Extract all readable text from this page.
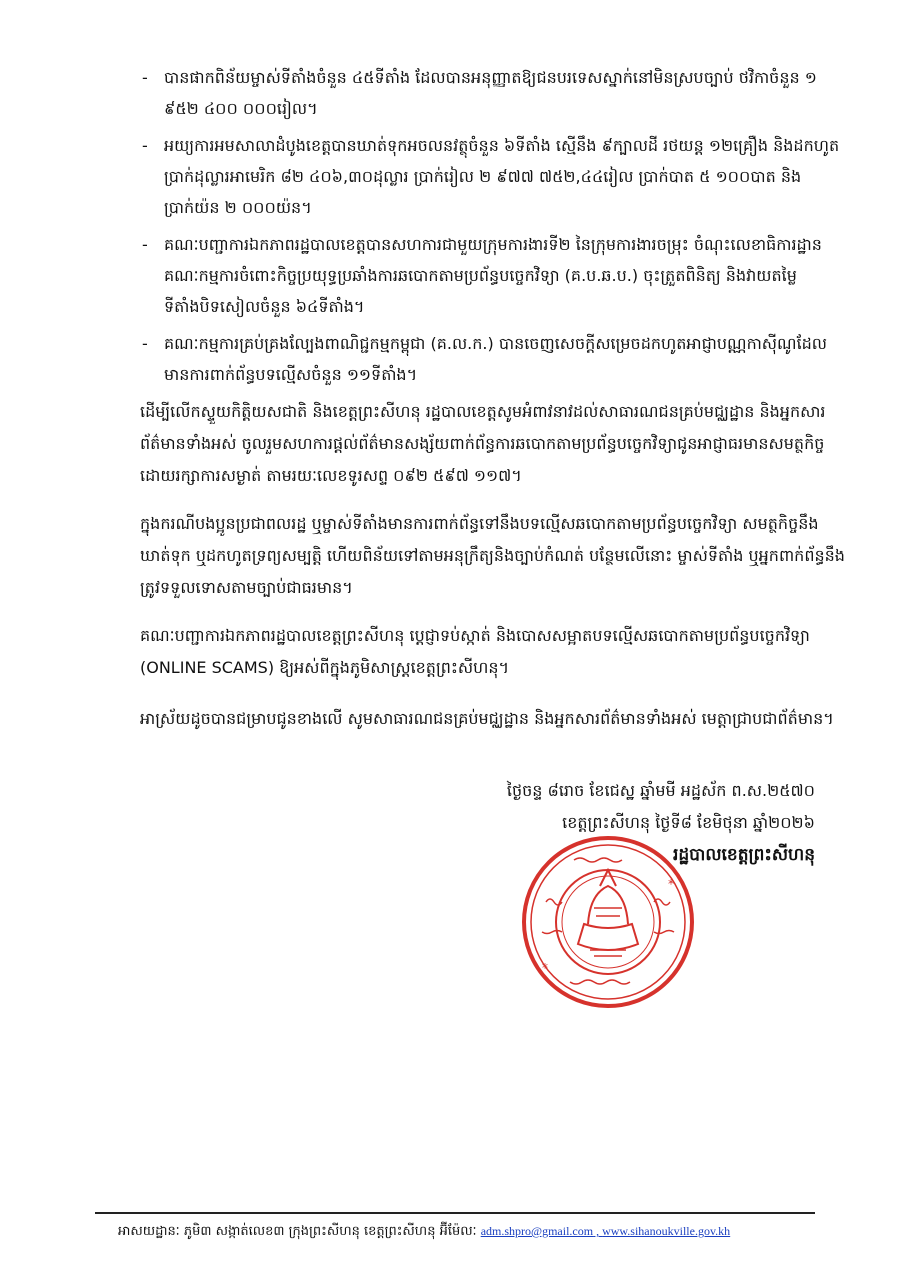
- បានផាកពិន័យម្ចាស់ទីតាំងចំនួន ៤៥ទីតាំង ដែលបានអនុញ្ញាតឱ្យជនបរទេសស្នាក់នៅមិនស្របច្បាប់ ថវិកាចំនួន ១ ៩៥២ ៤០០ ០០០រៀល។
- អយ្យការអមសាលាដំបូងខេត្តបានឃាត់ទុកអចលនវត្ថុចំនួន ៦ទីតាំង ស្មើនឹង ៩ក្បាលដី រថយន្ត ១២គ្រឿង និងដកហូតប្រាក់ដុល្លារអាមេរិក ៨២ ៤០៦,៣០ដុល្លារ ប្រាក់រៀល ២ ៩៧៧ ៧៥២,៤៤រៀល ប្រាក់បាត ៥ ១០០បាត និងប្រាក់យ៉ន ២ ០០០យ៉ន។
- គណៈបញ្ជាការឯកភាពរដ្ឋបាលខេត្តបានសហការជាមួយក្រុមការងារទី២ នៃក្រុមការងារចម្រុះ ចំណុះលេខាធិការដ្ឋានគណៈកម្មការចំពោះកិច្ចប្រយុទ្ធប្រឆាំងការឆបោកតាមប្រព័ន្ធបច្ចេកវិទ្យា (គ.ប.ឆ.ប.) ចុះត្រួតពិនិត្យ និងវាយតម្លៃទីតាំងបិទសៀលចំនួន ៦៤ទីតាំង។
- គណៈកម្មការគ្រប់គ្រងល្បែងពាណិជ្ជកម្មកម្ពុជា (គ.ល.ក.) បានចេញសេចក្តីសម្រេចដកហូតអាជ្ញាបណ្ណកាស៊ីណូដែលមានការពាក់ព័ន្ធបទល្មើសចំនួន ១១ទីតាំង។

ដើម្បីលើកស្ទួយកិត្តិយសជាតិ និងខេត្តព្រះសីហនុ រដ្ឋបាលខេត្តសូមអំពាវនាវដល់សាធារណជនគ្រប់មជ្ឈដ្ឋាន និងអ្នកសារព័ត៌មានទាំងអស់ ចូលរួមសហការផ្តល់ព័ត៌មានសង្ស័យពាក់ព័ន្ធការឆបោកតាមប្រព័ន្ធបច្ចេកវិទ្យាជូនអាជ្ញាធរមានសមត្ថកិច្ចដោយរក្សាការសម្ងាត់ តាមរយៈលេខទូរសព្ទ ០៩២ ៥៩៧ ១១៧។

ក្នុងករណីបងប្អូនប្រជាពលរដ្ឋ ឬម្ចាស់ទីតាំងមានការពាក់ព័ន្ធទៅនឹងបទល្មើសឆបោកតាមប្រព័ន្ធបច្ចេកវិទ្យា សមត្ថកិច្ចនឹងឃាត់ទុក ឬដកហូតទ្រព្យសម្បត្តិ ហើយពិន័យទៅតាមអនុក្រឹត្យនិងច្បាប់កំណត់ បន្ថែមលើនោះ ម្ចាស់ទីតាំង ឬអ្នកពាក់ព័ន្ធនឹងត្រូវទទួលទោសតាមច្បាប់ជាធរមាន។

គណៈបញ្ជាការឯកភាពរដ្ឋបាលខេត្តព្រះសីហនុ ប្តេជ្ញាទប់ស្កាត់ និងបោសសម្អាតបទល្មើសឆបោកតាមប្រព័ន្ធបច្ចេកវិទ្យា (ONLINE SCAMS) ឱ្យអស់ពីក្នុងភូមិសាស្ត្រខេត្តព្រះសីហនុ។

អាស្រ័យដូចបានជម្រាបជូនខាងលើ សូមសាធារណជនគ្រប់មជ្ឈដ្ឋាន និងអ្នកសារព័ត៌មានទាំងអស់ មេត្តាជ្រាបជាព័ត៌មាន។

ថ្ងៃចន្ទ ៨រោច ខែជេស្ឋ ឆ្នាំមមី អដ្ឋស័ក ព.ស.២៥៧០
ខេត្តព្រះសីហនុ ថ្ងៃទី៨ ខែមិថុនា ឆ្នាំ២០២៦
រដ្ឋបាលខេត្តព្រះសីហនុ
*
*
អាសយដ្ឋានៈ ភូមិ៣ សង្កាត់លេខ៣ ក្រុងព្រះសីហនុ ខេត្តព្រះសីហនុ អ៊ីម៉ែលៈ adm.shpro@gmail.com , www.sihanoukville.gov.kh
